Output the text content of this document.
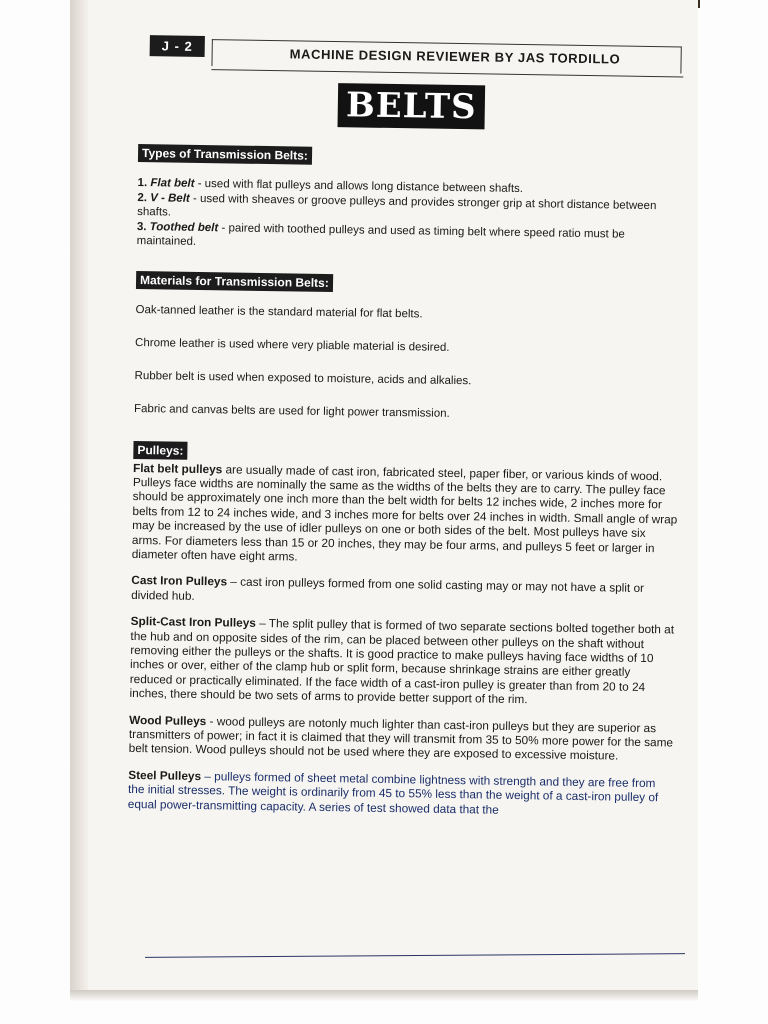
J - 2
MACHINE DESIGN REVIEWER BY JAS TORDILLO
BELTS
Types of Transmission Belts:
1. Flat belt - used with flat pulleys and allows long distance between shafts.
2. V - Belt - used with sheaves or groove pulleys and provides stronger grip at short distance between shafts.
3. Toothed belt - paired with toothed pulleys and used as timing belt where speed ratio must be maintained.
Materials for Transmission Belts:

Oak-tanned leather is the standard material for flat belts.

Chrome leather is used where very pliable material is desired.

Rubber belt is used when exposed to moisture, acids and alkalies.

Fabric and canvas belts are used for light power transmission.

Pulleys:

Flat belt pulleys are usually made of cast iron, fabricated steel, paper fiber, or various kinds of wood. Pulleys face widths are nominally the same as the widths of the belts they are to carry. The pulley face should be approximately one inch more than the belt width for belts 12 inches wide, 2 inches more for belts from 12 to 24 inches wide, and 3 inches more for belts over 24 inches in width. Small angle of wrap may be increased by the use of idler pulleys on one or both sides of the belt. Most pulleys have six arms. For diameters less than 15 or 20 inches, they may be four arms, and pulleys 5 feet or larger in diameter often have eight arms.

Cast Iron Pulleys – cast iron pulleys formed from one solid casting may or may not have a split or divided hub.

Split-Cast Iron Pulleys – The split pulley that is formed of two separate sections bolted together both at the hub and on opposite sides of the rim, can be placed between other pulleys on the shaft without removing either the pulleys or the shafts. It is good practice to make pulleys having face widths of 10 inches or over, either of the clamp hub or split form, because shrinkage strains are either greatly reduced or practically eliminated. If the face width of a cast-iron pulley is greater than from 20 to 24 inches, there should be two sets of arms to provide better support of the rim.

Wood Pulleys - wood pulleys are notonly much lighter than cast-iron pulleys but they are superior as transmitters of power; in fact it is claimed that they will transmit from 35 to 50% more power for the same belt tension. Wood pulleys should not be used where they are exposed to excessive moisture.

Steel Pulleys – pulleys formed of sheet metal combine lightness with strength and they are free from the initial stresses. The weight is ordinarily from 45 to 55% less than the weight of a cast-iron pulley of equal power-transmitting capacity. A series of test showed data that the
